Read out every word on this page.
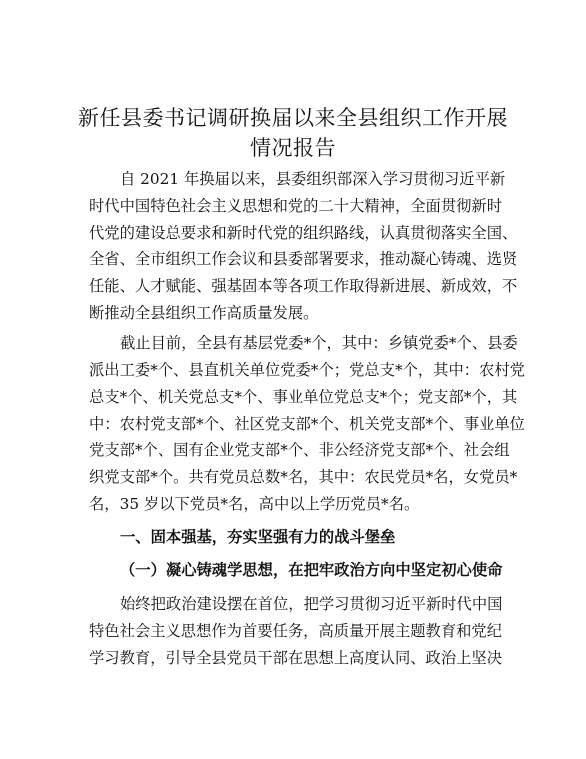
新任县委书记调研换届以来全县组织工作开展
情况报告

自 2021 年换届以来，县委组织部深入学习贯彻习近平新

时代中国特色社会主义思想和党的二十大精神，全面贯彻新时

代党的建设总要求和新时代党的组织路线，认真贯彻落实全国、

全省、全市组织工作会议和县委部署要求，推动凝心铸魂、选贤

任能、人才赋能、强基固本等各项工作取得新进展、新成效，不

断推动全县组织工作高质量发展。

截止目前，全县有基层党委*个，其中：乡镇党委*个、县委

派出工委*个、县直机关单位党委*个；党总支*个，其中：农村党

总支*个、机关党总支*个、事业单位党总支*个；党支部*个，其

中：农村党支部*个、社区党支部*个、机关党支部*个、事业单位

党支部*个、国有企业党支部*个、非公经济党支部*个、社会组

织党支部*个。共有党员总数*名，其中：农民党员*名，女党员*

名，35 岁以下党员*名，高中以上学历党员*名。

一、固本强基，夯实坚强有力的战斗堡垒

（一）凝心铸魂学思想，在把牢政治方向中坚定初心使命

始终把政治建设摆在首位，把学习贯彻习近平新时代中国

特色社会主义思想作为首要任务，高质量开展主题教育和党纪

学习教育，引导全县党员干部在思想上高度认同、政治上坚决
